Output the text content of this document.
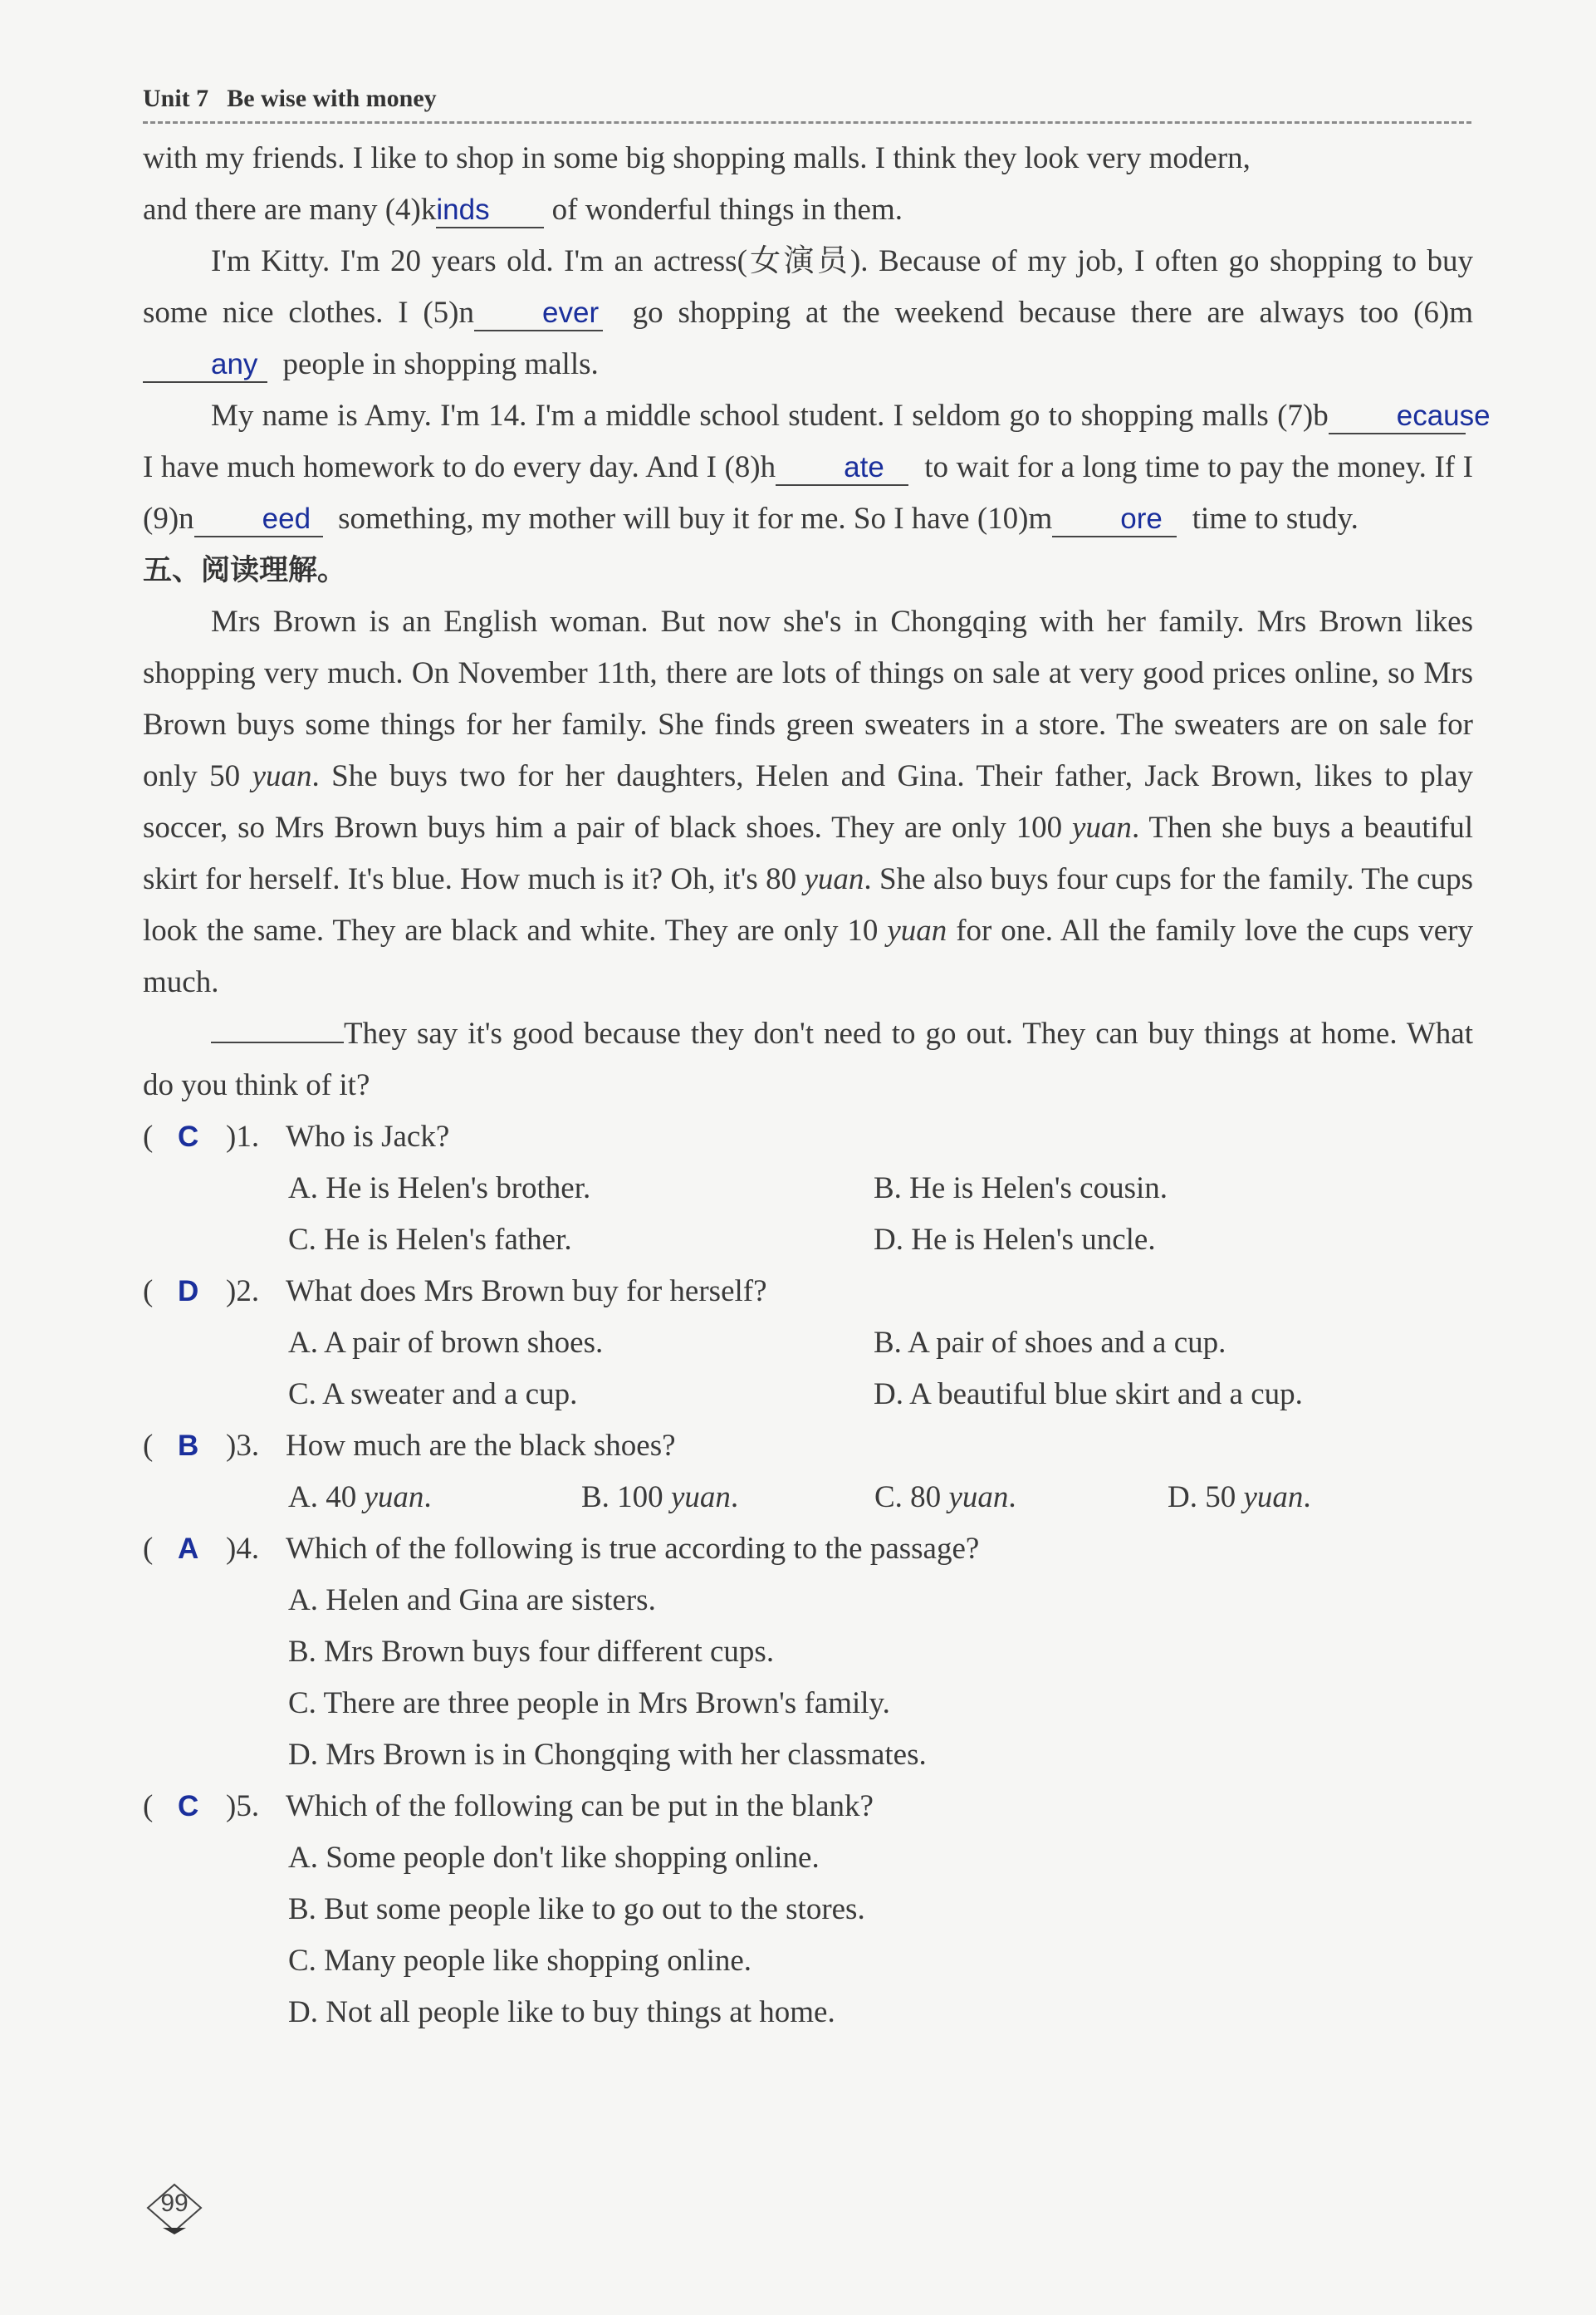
Unit 7 Be wise with money

with my friends. I like to shop in some big shopping malls. I think they look very modern,

and there are many (4)kinds of wonderful things in them.

I'm Kitty. I'm 20 years old. I'm an actress(女演员). Because of my job, I often go shopping to buy some nice clothes. I (5)n ever go shopping at the weekend because there are always too (6)many people in shopping malls.

My name is Amy. I'm 14. I'm a middle school student. I seldom go to shopping malls (7)b ecause  I have much homework to do every day. And I (8)h ate to wait for a long time to pay the money. If I (9)n eed something, my mother will buy it for me. So I have (10)m ore time to study.

五、阅读理解。

Mrs Brown is an English woman. But now she's in Chongqing with her family. Mrs Brown likes shopping very much. On November 11th, there are lots of things on sale at very good prices online, so Mrs Brown buys some things for her family. She finds green sweaters in a store. The sweaters are on sale for only 50 yuan. She buys two for her daughters, Helen and Gina. Their father, Jack Brown, likes to play soccer, so Mrs Brown buys him a pair of black shoes. They are only 100 yuan. Then she buys a beautiful skirt for herself. It's blue. How much is it? Oh, it's 80 yuan. She also buys four cups for the family. The cups look the same. They are black and white. They are only 10 yuan for one. All the family love the cups very much.

They say it's good because they don't need to go out. They can buy things at home. What do you think of it?

( C )1. Who is Jack?
A. He is Helen's brother.	B. He is Helen's cousin.
C. He is Helen's father.	D. He is Helen's uncle.
( D )2. What does Mrs Brown buy for herself?
A. A pair of brown shoes.	B. A pair of shoes and a cup.
C. A sweater and a cup.	D. A beautiful blue skirt and a cup.
( B )3. How much are the black shoes?
A. 40 yuan.	B. 100 yuan.	C. 80 yuan.	D. 50 yuan.
( A )4. Which of the following is true according to the passage?
A. Helen and Gina are sisters.
B. Mrs Brown buys four different cups.
C. There are three people in Mrs Brown's family.
D. Mrs Brown is in Chongqing with her classmates.
( C )5. Which of the following can be put in the blank?
A. Some people don't like shopping online.
B. But some people like to go out to the stores.
C. Many people like shopping online.
D. Not all people like to buy things at home.
99
